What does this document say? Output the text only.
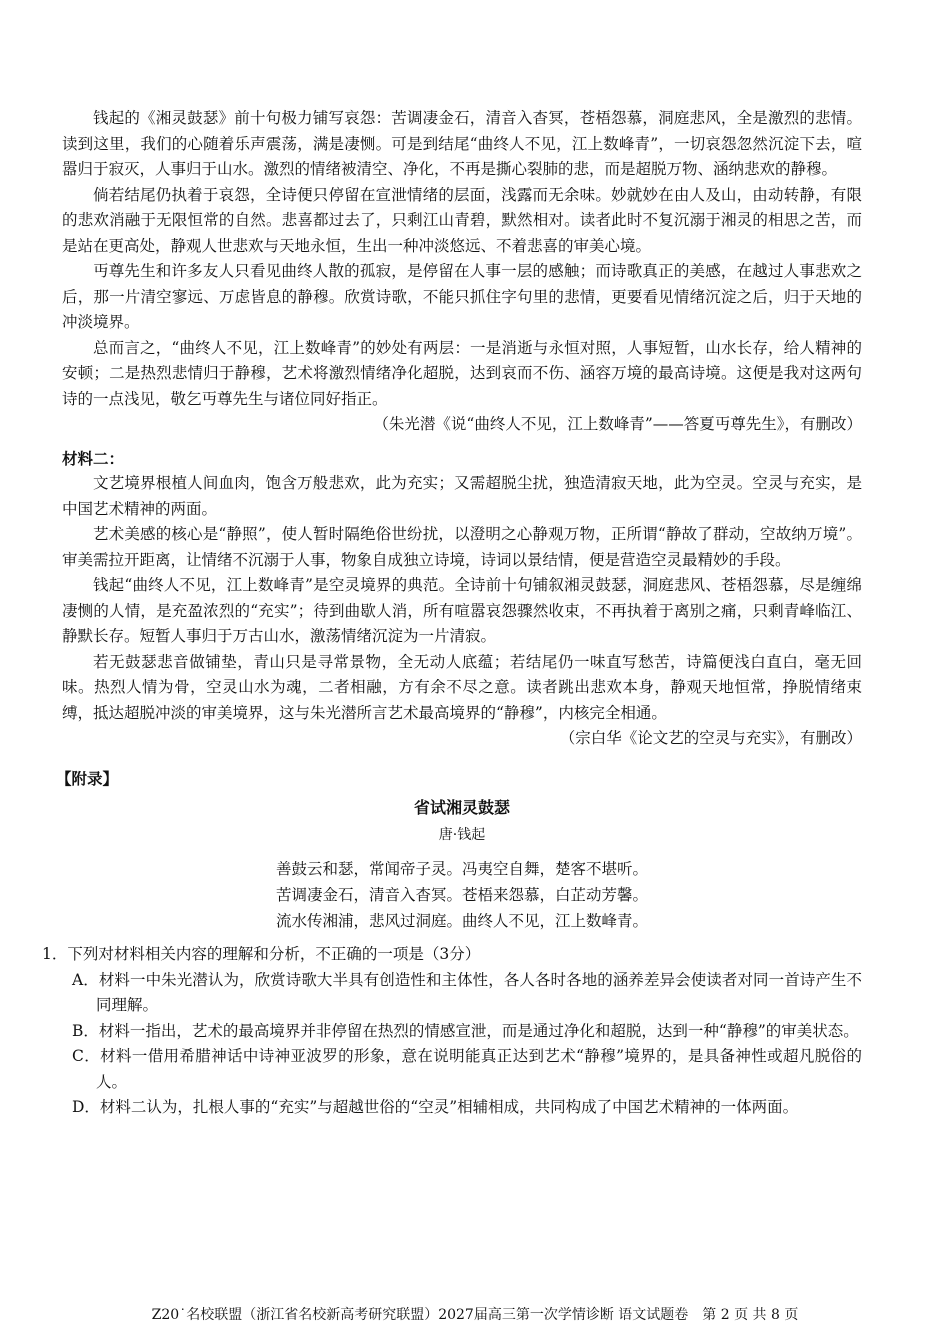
钱起的《湘灵鼓瑟》前十句极力铺写哀怨：苦调凄金石，清音入杳冥，苍梧怨慕，洞庭悲风，全是激烈的悲情。读到这里，我们的心随着乐声震荡，满是凄恻。可是到结尾“曲终人不见，江上数峰青”，一切哀怨忽然沉淀下去，喧嚣归于寂灭，人事归于山水。激烈的情绪被清空、净化，不再是撕心裂肺的悲，而是超脱万物、涵纳悲欢的静穆。

倘若结尾仍执着于哀怨，全诗便只停留在宣泄情绪的层面，浅露而无余味。妙就妙在由人及山，由动转静，有限的悲欢消融于无限恒常的自然。悲喜都过去了，只剩江山青碧，默然相对。读者此时不复沉溺于湘灵的相思之苦，而是站在更高处，静观人世悲欢与天地永恒，生出一种冲淡悠远、不着悲喜的审美心境。

丏尊先生和许多友人只看见曲终人散的孤寂，是停留在人事一层的感触；而诗歌真正的美感，在越过人事悲欢之后，那一片清空寥远、万虑皆息的静穆。欣赏诗歌，不能只抓住字句里的悲情，更要看见情绪沉淀之后，归于天地的冲淡境界。

总而言之，“曲终人不见，江上数峰青”的妙处有两层：一是消逝与永恒对照，人事短暂，山水长存，给人精神的安顿；二是热烈悲情归于静穆，艺术将激烈情绪净化超脱，达到哀而不伤、涵容万境的最高诗境。这便是我对这两句诗的一点浅见，敬乞丏尊先生与诸位同好指正。

（朱光潜《说“曲终人不见，江上数峰青”——答夏丏尊先生》，有删改）

材料二：

文艺境界根植人间血肉，饱含万般悲欢，此为充实；又需超脱尘扰，独造清寂天地，此为空灵。空灵与充实，是中国艺术精神的两面。

艺术美感的核心是“静照”，使人暂时隔绝俗世纷扰，以澄明之心静观万物，正所谓“静故了群动，空故纳万境”。审美需拉开距离，让情绪不沉溺于人事，物象自成独立诗境，诗词以景结情，便是营造空灵最精妙的手段。

钱起“曲终人不见，江上数峰青”是空灵境界的典范。全诗前十句铺叙湘灵鼓瑟，洞庭悲风、苍梧怨慕，尽是缠绵凄恻的人情，是充盈浓烈的“充实”；待到曲歇人消，所有喧嚣哀怨骤然收束，不再执着于离别之痛，只剩青峰临江、静默长存。短暂人事归于万古山水，激荡情绪沉淀为一片清寂。

若无鼓瑟悲音做铺垫，青山只是寻常景物，全无动人底蕴；若结尾仍一味直写愁苦，诗篇便浅白直白，毫无回味。热烈人情为骨，空灵山水为魂，二者相融，方有余不尽之意。读者跳出悲欢本身，静观天地恒常，挣脱情绪束缚，抵达超脱冲淡的审美境界，这与朱光潜所言艺术最高境界的“静穆”，内核完全相通。

（宗白华《论文艺的空灵与充实》，有删改）

【附录】

省试湘灵鼓瑟

唐·钱起

善鼓云和瑟，常闻帝子灵。冯夷空自舞，楚客不堪听。

苦调凄金石，清音入杳冥。苍梧来怨慕，白芷动芳馨。

流水传湘浦，悲风过洞庭。曲终人不见，江上数峰青。

1．下列对材料相关内容的理解和分析，不正确的一项是（3分）

A．材料一中朱光潜认为，欣赏诗歌大半具有创造性和主体性，各人各时各地的涵养差异会使读者对同一首诗产生不同理解。

B．材料一指出，艺术的最高境界并非停留在热烈的情感宣泄，而是通过净化和超脱，达到一种“静穆”的审美状态。

C．材料一借用希腊神话中诗神亚波罗的形象，意在说明能真正达到艺术“静穆”境界的，是具备神性或超凡脱俗的人。

D．材料二认为，扎根人事的“充实”与超越世俗的“空灵”相辅相成，共同构成了中国艺术精神的一体两面。

Z20˙名校联盟（浙江省名校新高考研究联盟）2027届高三第一次学情诊断 语文试题卷　第 2 页 共 8 页
